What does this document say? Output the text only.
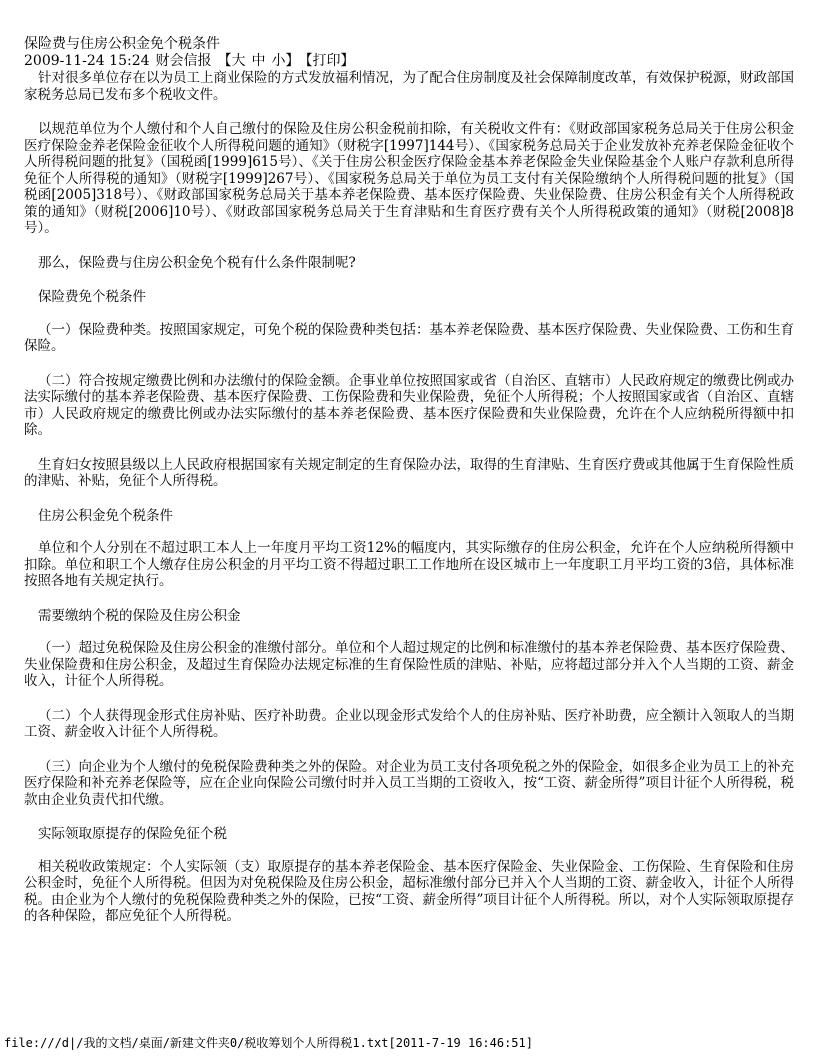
保险费与住房公积金免个税条件

2009-11-24 15:24 财会信报 【大 中 小】 【打印】

针对很多单位存在以为员工上商业保险的方式发放福利情况，为了配合住房制度及社会保障制度改革，有效保护税源，财政部国家税务总局已发布多个税收文件。

以规范单位为个人缴付和个人自己缴付的保险及住房公积金税前扣除，有关税收文件有：《财政部国家税务总局关于住房公积金医疗保险金养老保险金征收个人所得税问题的通知》（财税字[1997]144号）、《国家税务总局关于企业发放补充养老保险金征收个人所得税问题的批复》（国税函[1999]615号）、《关于住房公积金医疗保险金基本养老保险金失业保险基金个人账户存款利息所得免征个人所得税的通知》（财税字[1999]267号）、《国家税务总局关于单位为员工支付有关保险缴纳个人所得税问题的批复》（国税函[2005]318号）、《财政部国家税务总局关于基本养老保险费、基本医疗保险费、失业保险费、住房公积金有关个人所得税政策的通知》（财税[2006]10号）、《财政部国家税务总局关于生育津贴和生育医疗费有关个人所得税政策的通知》（财税[2008]8号）。

那么，保险费与住房公积金免个税有什么条件限制呢?

保险费免个税条件

（一）保险费种类。按照国家规定，可免个税的保险费种类包括：基本养老保险费、基本医疗保险费、失业保险费、工伤和生育保险。

（二）符合按规定缴费比例和办法缴付的保险金额。企事业单位按照国家或省（自治区、直辖市）人民政府规定的缴费比例或办法实际缴付的基本养老保险费、基本医疗保险费、工伤保险费和失业保险费，免征个人所得税；个人按照国家或省（自治区、直辖市）人民政府规定的缴费比例或办法实际缴付的基本养老保险费、基本医疗保险费和失业保险费，允许在个人应纳税所得额中扣除。

生育妇女按照县级以上人民政府根据国家有关规定制定的生育保险办法，取得的生育津贴、生育医疗费或其他属于生育保险性质的津贴、补贴，免征个人所得税。

住房公积金免个税条件

单位和个人分别在不超过职工本人上一年度月平均工资12%的幅度内，其实际缴存的住房公积金，允许在个人应纳税所得额中扣除。单位和职工个人缴存住房公积金的月平均工资不得超过职工工作地所在设区城市上一年度职工月平均工资的3倍，具体标准按照各地有关规定执行。

需要缴纳个税的保险及住房公积金

（一）超过免税保险及住房公积金的准缴付部分。单位和个人超过规定的比例和标准缴付的基本养老保险费、基本医疗保险费、失业保险费和住房公积金，及超过生育保险办法规定标准的生育保险性质的津贴、补贴，应将超过部分并入个人当期的工资、薪金收入，计征个人所得税。

（二）个人获得现金形式住房补贴、医疗补助费。企业以现金形式发给个人的住房补贴、医疗补助费，应全额计入领取人的当期工资、薪金收入计征个人所得税。

（三）向企业为个人缴付的免税保险费种类之外的保险。对企业为员工支付各项免税之外的保险金，如很多企业为员工上的补充医疗保险和补充养老保险等，应在企业向保险公司缴付时并入员工当期的工资收入，按“工资、薪金所得”项目计征个人所得税，税款由企业负责代扣代缴。

实际领取原提存的保险免征个税

相关税收政策规定：个人实际领（支）取原提存的基本养老保险金、基本医疗保险金、失业保险金、工伤保险、生育保险和住房公积金时，免征个人所得税。但因为对免税保险及住房公积金，超标准缴付部分已并入个人当期的工资、薪金收入，计征个人所得税。由企业为个人缴付的免税保险费种类之外的保险，已按“工资、薪金所得”项目计征个人所得税。所以，对个人实际领取原提存的各种保险，都应免征个人所得税。

file:///d|/我的文档/桌面/新建文件夹0/税收筹划个人所得税1.txt[2011-7-19 16:46:51]
